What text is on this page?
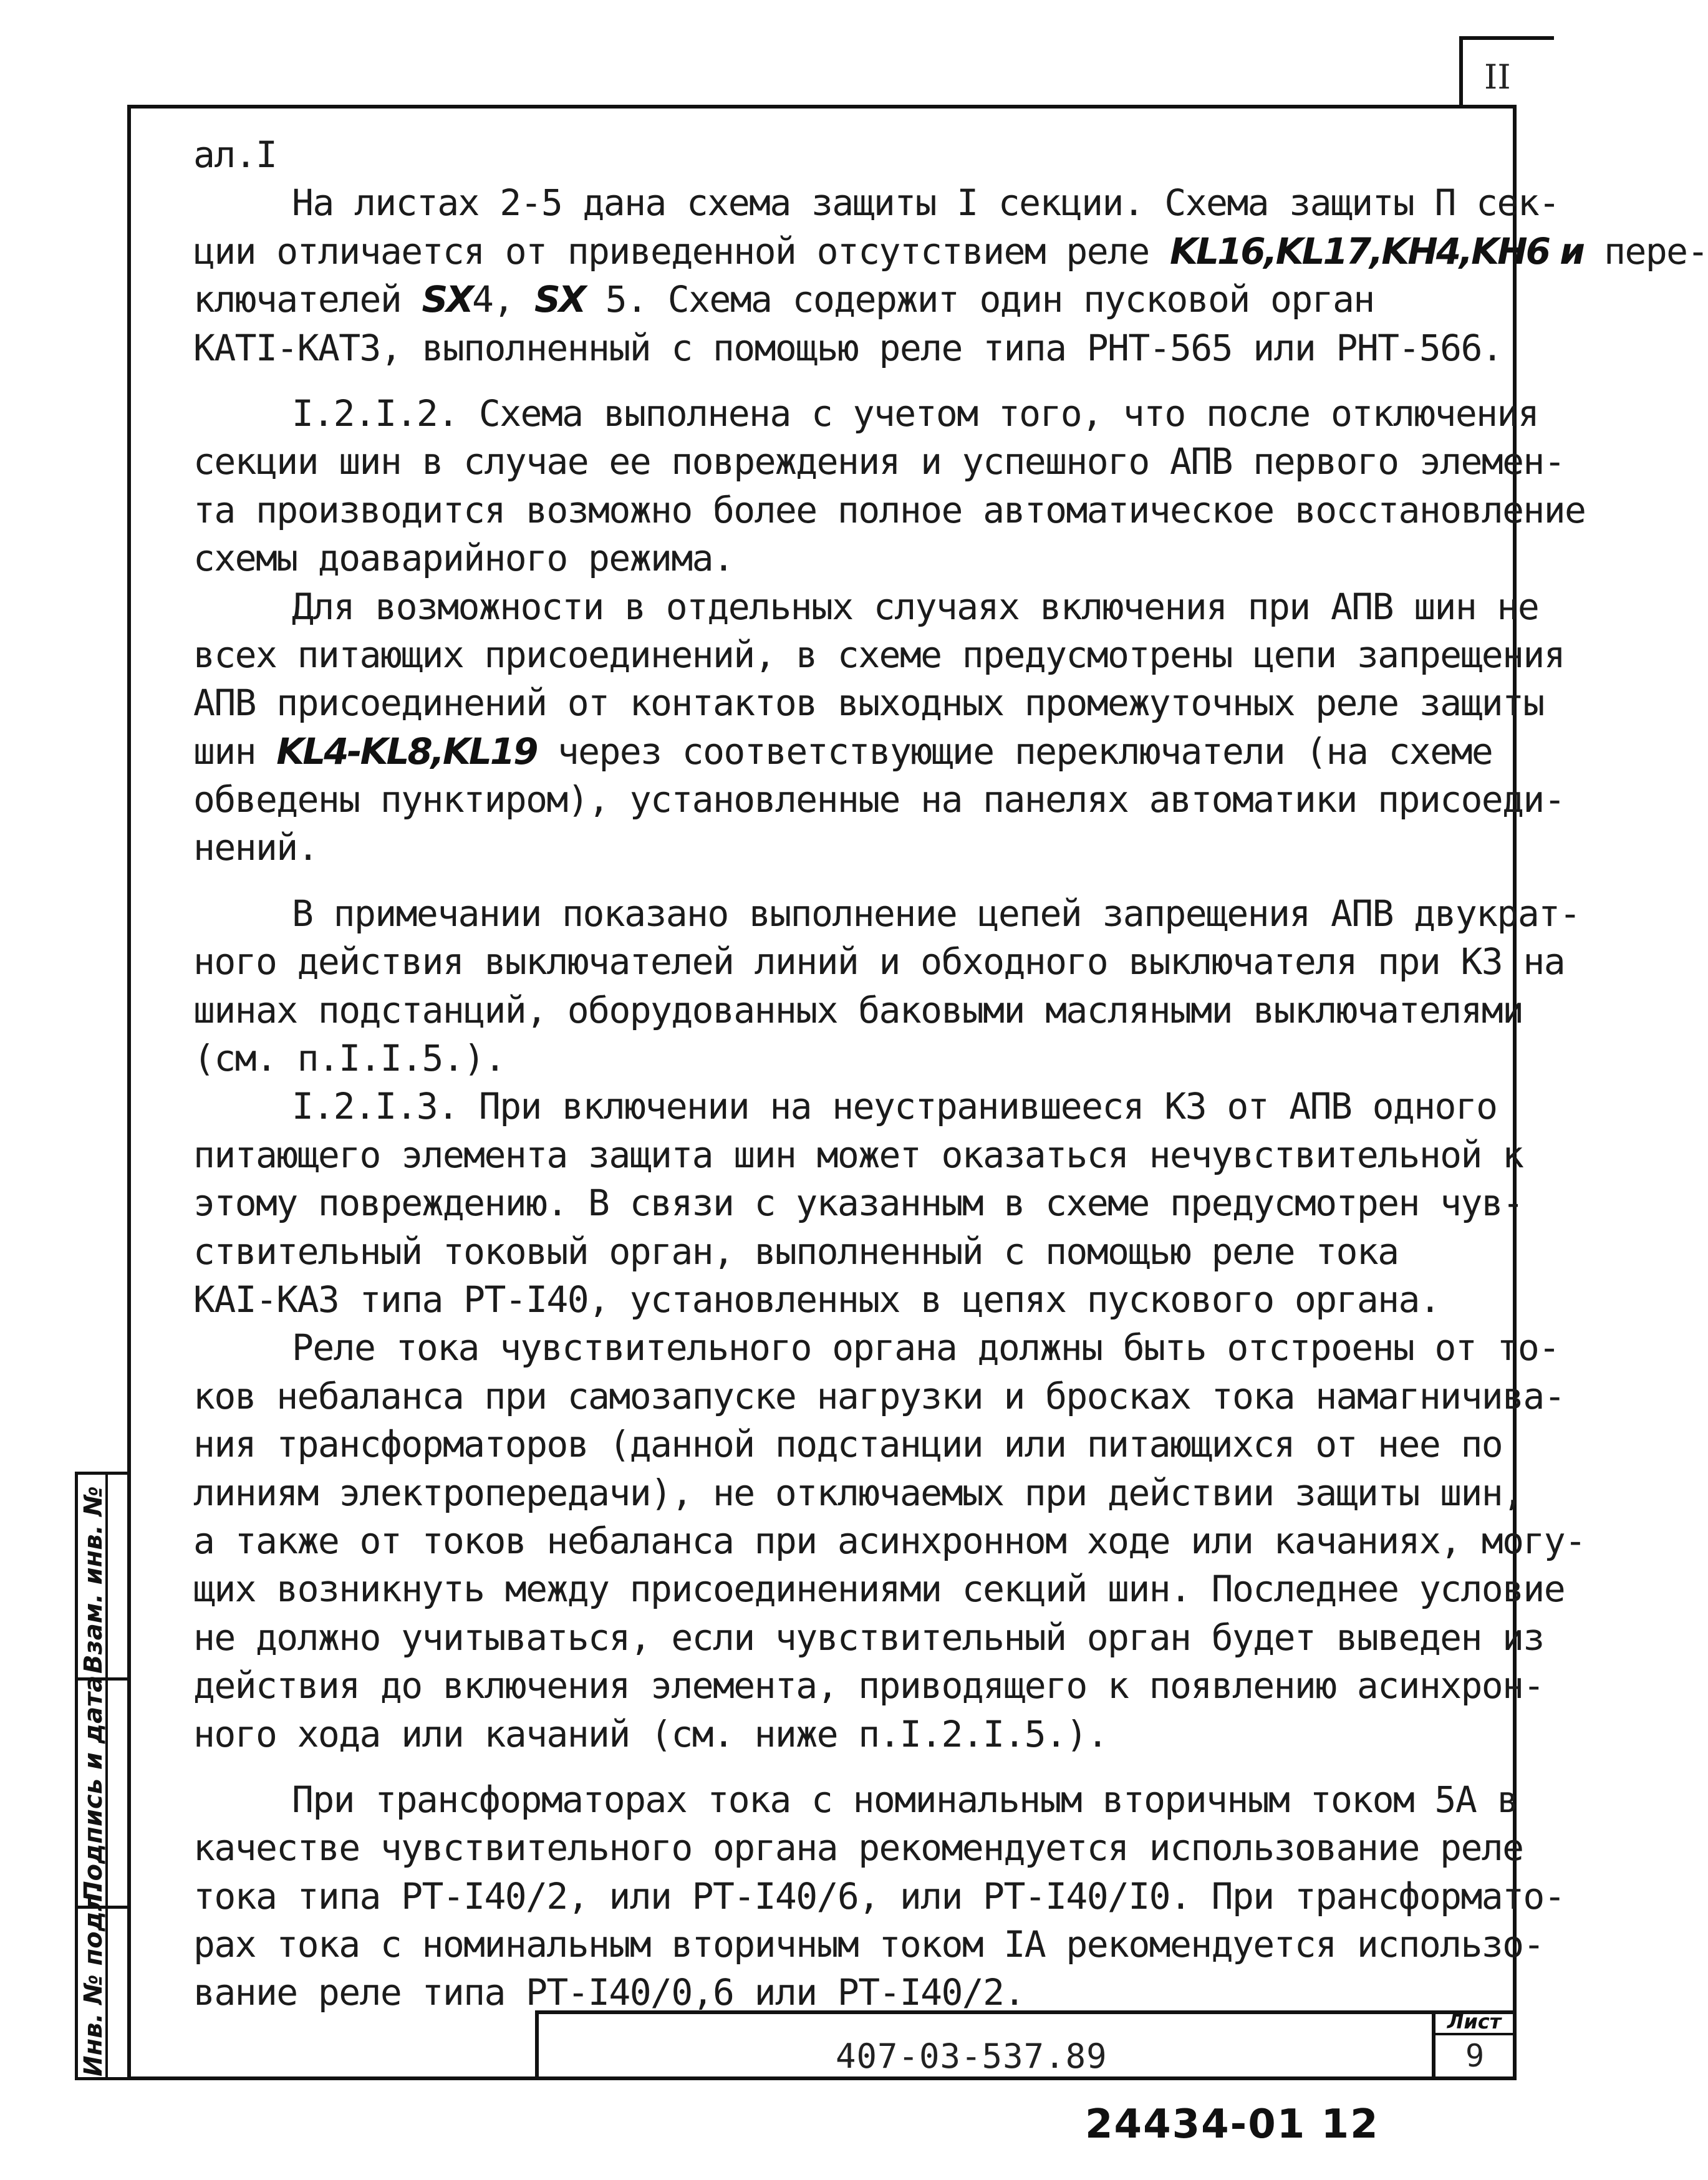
II
ал.I
На листах 2-5 дана схема защиты I секции. Схема защиты П сек-
ции отличается от приведенной отсутствием реле KL16,KL17,KH4,KH6 и пере-
ключателей SX4, SX 5. Схема содержит один пусковой орган
КАТI-КАТЗ, выполненный с помощью реле типа РНТ-565 или РНТ-566.
I.2.I.2. Схема выполнена с учетом того, что после отключения
секции шин в случае ее повреждения и успешного АПВ первого элемен-
та производится возможно более полное автоматическое восстановление
схемы доаварийного режима.
Для возможности в отдельных случаях включения при АПВ шин не
всех питающих присоединений, в схеме предусмотрены цепи запрещения
АПВ присоединений от контактов выходных промежуточных реле защиты
шин KL4-KL8,KL19 через соответствующие переключатели (на схеме
обведены пунктиром), установленные на панелях автоматики присоеди-
нений.
В примечании показано выполнение цепей запрещения АПВ двукрат-
ного действия выключателей линий и обходного выключателя при КЗ на
шинах подстанций, оборудованных баковыми масляными выключателями
(см. п.I.I.5.).
I.2.I.3. При включении на неустранившееся КЗ от АПВ одного
питающего элемента защита шин может оказаться нечувствительной к
этому повреждению. В связи с указанным в схеме предусмотрен чув-
ствительный токовый орган, выполненный с помощью реле тока
КАI-КАЗ типа РТ-I40, установленных в цепях пускового органа.
Реле тока чувствительного органа должны быть отстроены от то-
ков небаланса при самозапуске нагрузки и бросках тока намагничива-
ния трансформаторов (данной подстанции или питающихся от нее по
линиям электропередачи), не отключаемых при действии защиты шин,
а также от токов небаланса при асинхронном ходе или качаниях, могу-
щих возникнуть между присоединениями секций шин. Последнее условие
не должно учитываться, если чувствительный орган будет выведен из
действия до включения элемента, приводящего к появлению асинхрон-
ного хода или качаний (см. ниже п.I.2.I.5.).
При трансформаторах тока с номинальным вторичным током 5А в
качестве чувствительного органа рекомендуется использование реле
тока типа РТ-I40/2, или РТ-I40/6, или РТ-I40/I0. При трансформато-
рах тока с номинальным вторичным током IА рекомендуется использо-
вание реле типа РТ-I40/0,6 или РТ-I40/2.
Взам. инв. №
Подпись и дата
Инв. № подл.	407-03-537.89
Лист
9
24434-01 12
